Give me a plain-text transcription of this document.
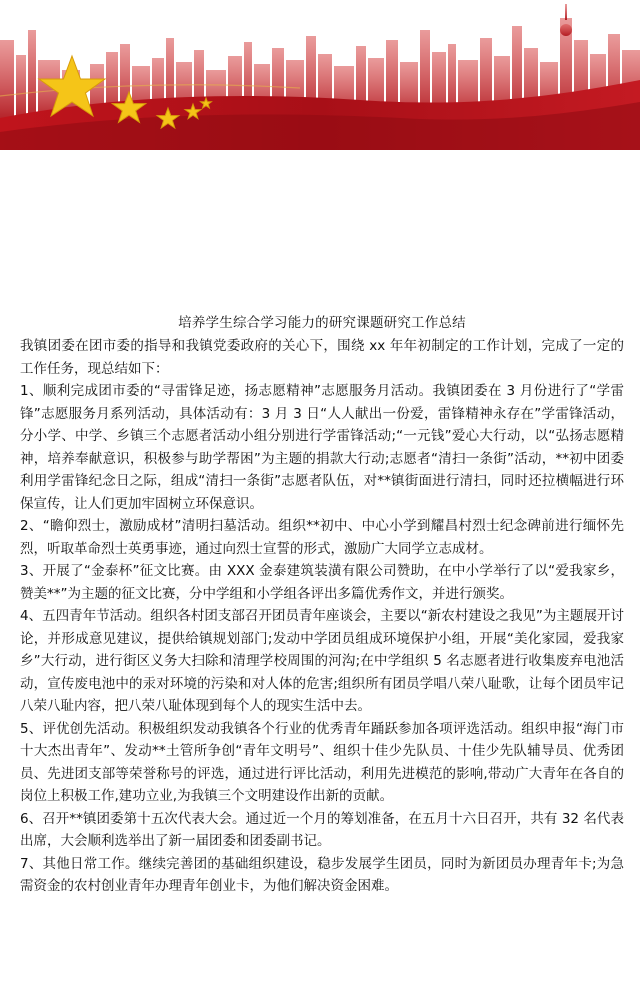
培养学生综合学习能力的研究课题研究工作总结

我镇团委在团市委的指导和我镇党委政府的关心下，围绕 xx 年年初制定的工作计划，完成了一定的工作任务，现总结如下：

1、顺利完成团市委的“寻雷锋足迹，扬志愿精神”志愿服务月活动。我镇团委在 3 月份进行了“学雷锋”志愿服务月系列活动，具体活动有：3 月 3 日“人人献出一份爱，雷锋精神永存在”学雷锋活动，分小学、中学、乡镇三个志愿者活动小组分别进行学雷锋活动;“一元钱”爱心大行动，以“弘扬志愿精神，培养奉献意识，积极参与助学帮困”为主题的捐款大行动;志愿者“清扫一条街”活动，**初中团委利用学雷锋纪念日之际，组成“清扫一条街”志愿者队伍，对**镇街面进行清扫，同时还拉横幅进行环保宣传，让人们更加牢固树立环保意识。

2、“瞻仰烈士，激励成材”清明扫墓活动。组织**初中、中心小学到耀昌村烈士纪念碑前进行缅怀先烈，听取革命烈士英勇事迹，通过向烈士宣誓的形式，激励广大同学立志成材。

3、开展了“金泰杯”征文比赛。由 XXX 金泰建筑装潢有限公司赞助，在中小学举行了以“爱我家乡，赞美**”为主题的征文比赛，分中学组和小学组各评出多篇优秀作文，并进行颁奖。

4、五四青年节活动。组织各村团支部召开团员青年座谈会，主要以“新农村建设之我见”为主题展开讨论，并形成意见建议，提供给镇规划部门;发动中学团员组成环境保护小组，开展“美化家园，爱我家乡”大行动，进行街区义务大扫除和清理学校周围的河沟;在中学组织 5 名志愿者进行收集废弃电池活动，宣传废电池中的汞对环境的污染和对人体的危害;组织所有团员学唱八荣八耻歌，让每个团员牢记八荣八耻内容，把八荣八耻体现到每个人的现实生活中去。

5、评优创先活动。积极组织发动我镇各个行业的优秀青年踊跃参加各项评选活动。组织申报“海门市十大杰出青年”、发动**土管所争创“青年文明号”、组织十佳少先队员、十佳少先队辅导员、优秀团员、先进团支部等荣誉称号的评选，通过进行评比活动，利用先进模范的影响,带动广大青年在各自的岗位上积极工作,建功立业,为我镇三个文明建设作出新的贡献。

6、召开**镇团委第十五次代表大会。通过近一个月的筹划准备，在五月十六日召开，共有 32 名代表出席，大会顺利选举出了新一届团委和团委副书记。

7、其他日常工作。继续完善团的基础组织建设，稳步发展学生团员，同时为新团员办理青年卡;为急需资金的农村创业青年办理青年创业卡，为他们解决资金困难。
